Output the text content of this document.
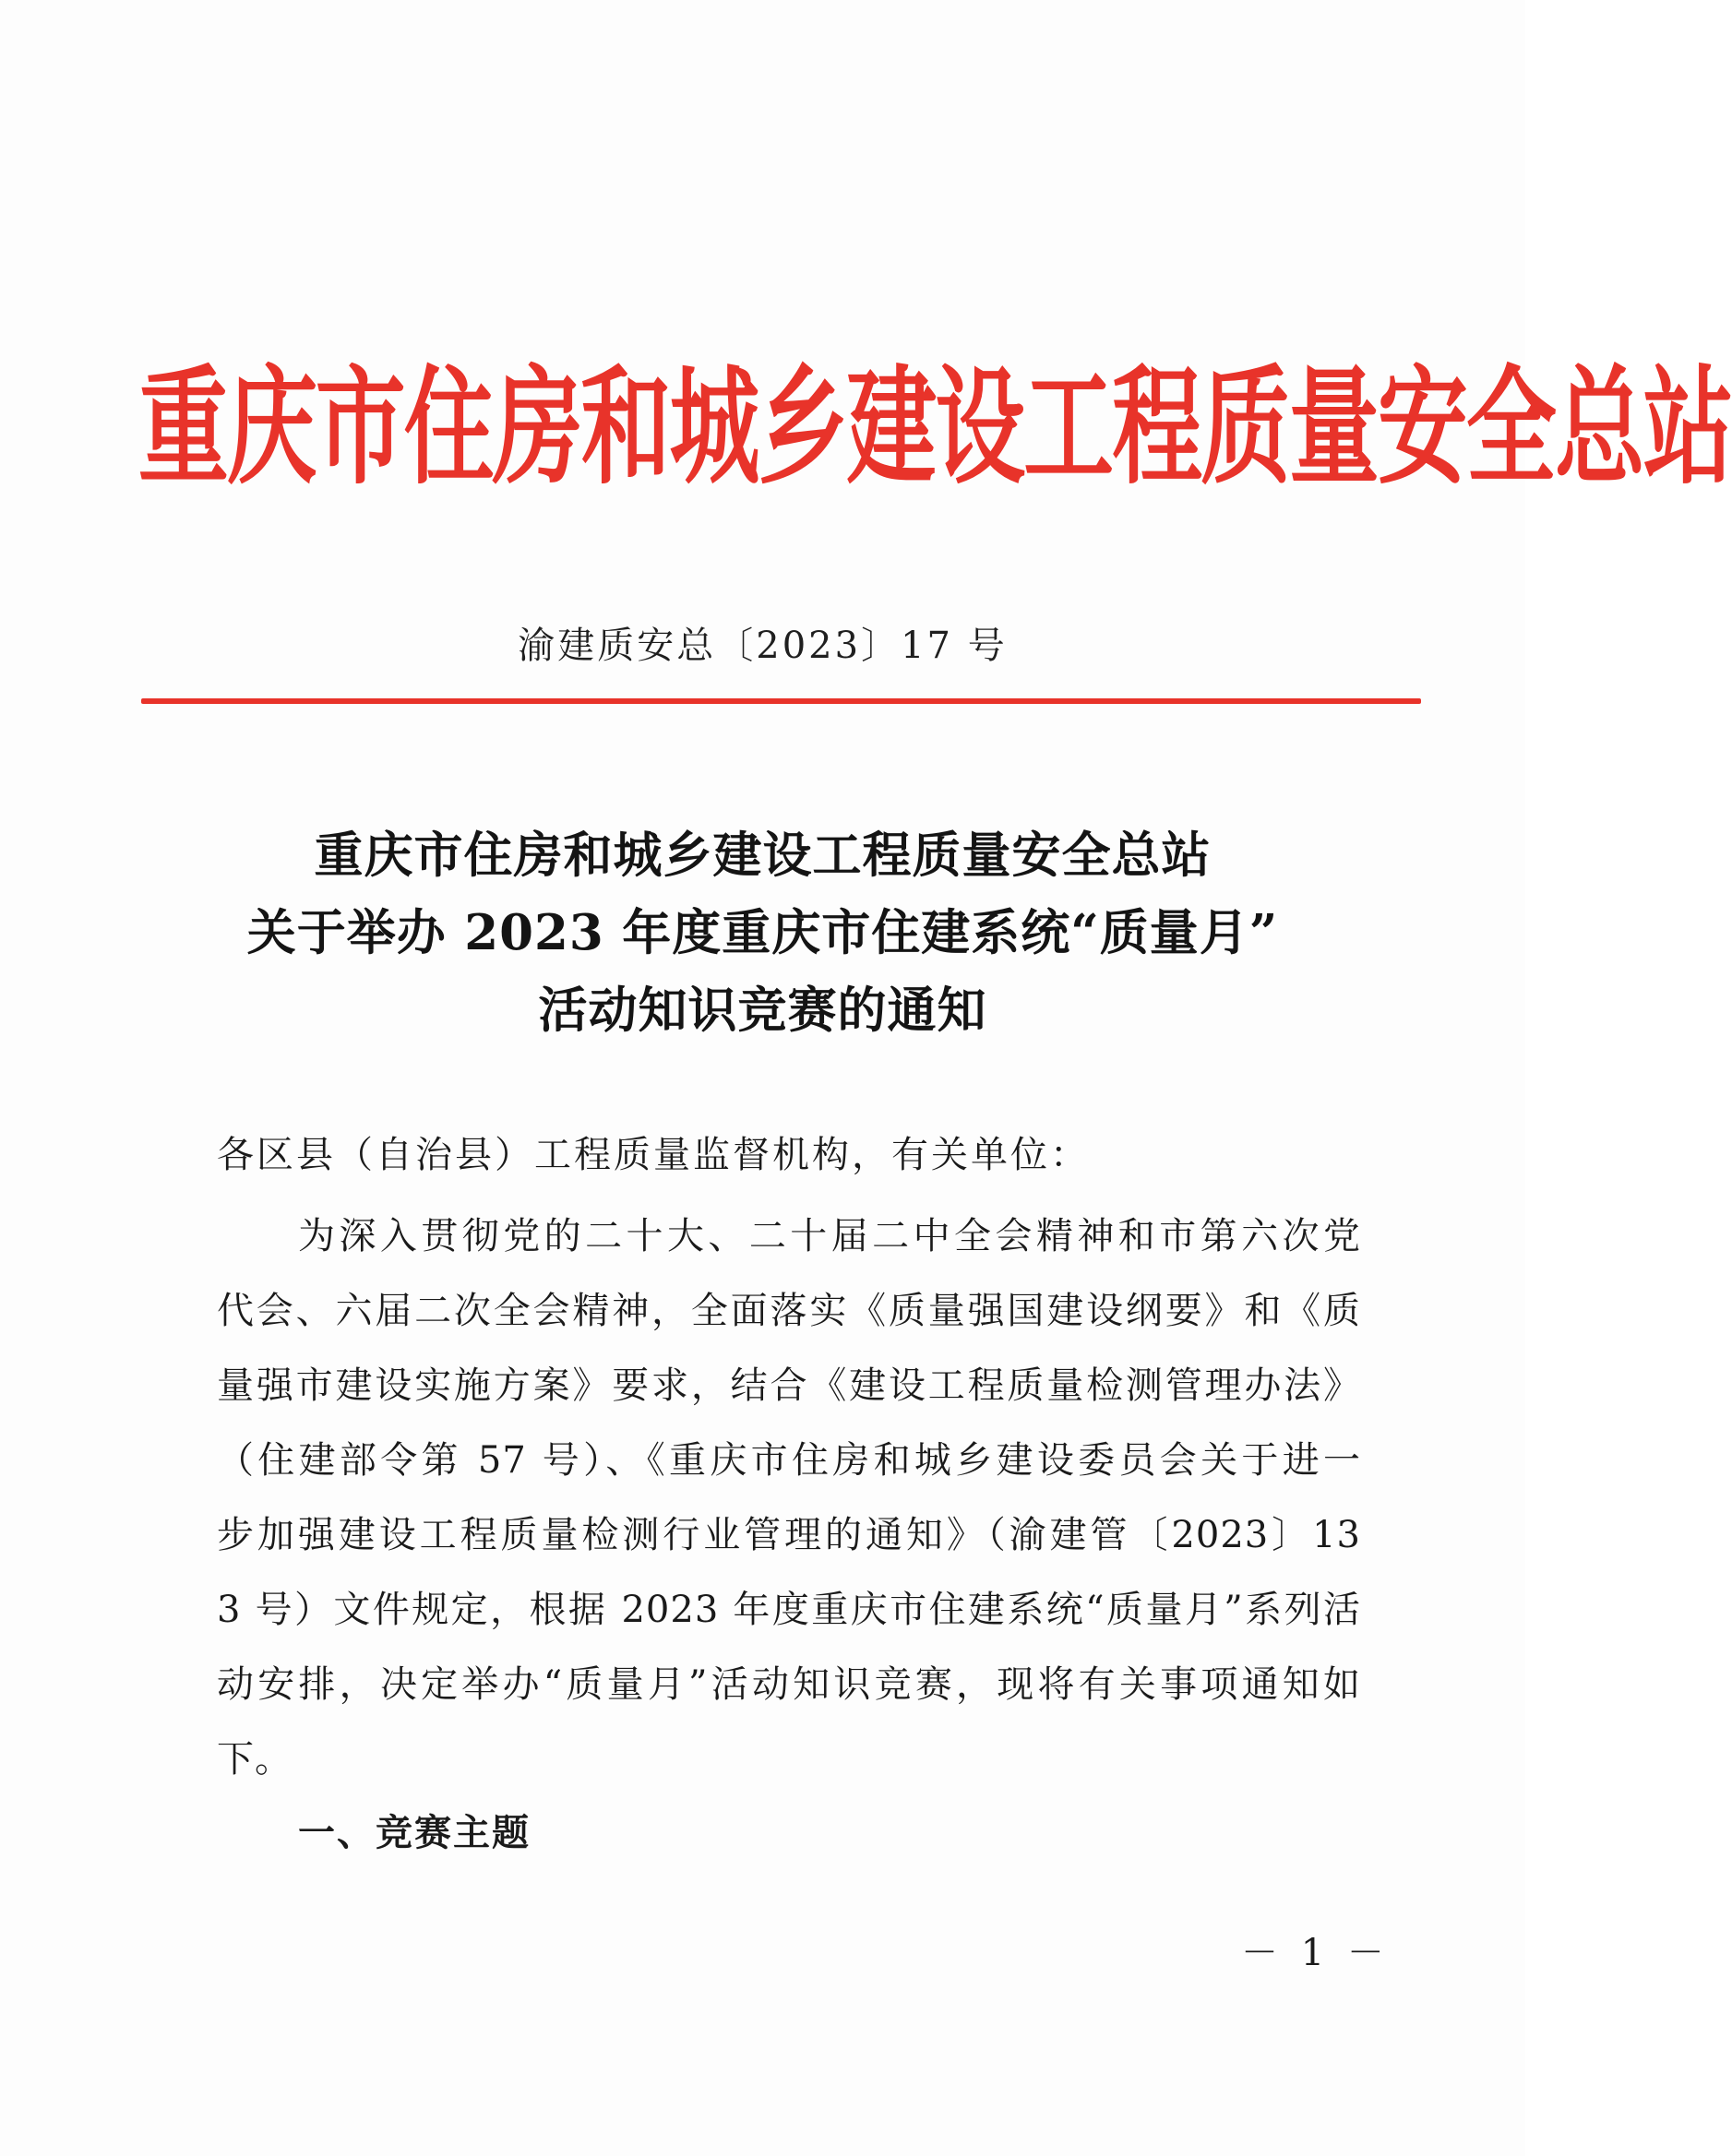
重庆市住房和城乡建设工程质量安全总站
渝建质安总〔2023〕17 号
重庆市住房和城乡建设工程质量安全总站
关于举办 2023 年度重庆市住建系统“质量月”
活动知识竞赛的通知
各区县（自治县）工程质量监督机构，有关单位：
为深入贯彻党的二十大、二十届二中全会精神和市第六次党
代会、六届二次全会精神，全面落实《质量强国建设纲要》和《质
量强市建设实施方案》要求，结合《建设工程质量检测管理办法》
（住建部令第 57 号）、《重庆市住房和城乡建设委员会关于进一
步加强建设工程质量检测行业管理的通知》（渝建管〔2023〕13
3 号）文件规定，根据 2023 年度重庆市住建系统“质量月”系列活
动安排，决定举办“质量月”活动知识竞赛，现将有关事项通知如
下。
一、竞赛主题
－ 1 －
